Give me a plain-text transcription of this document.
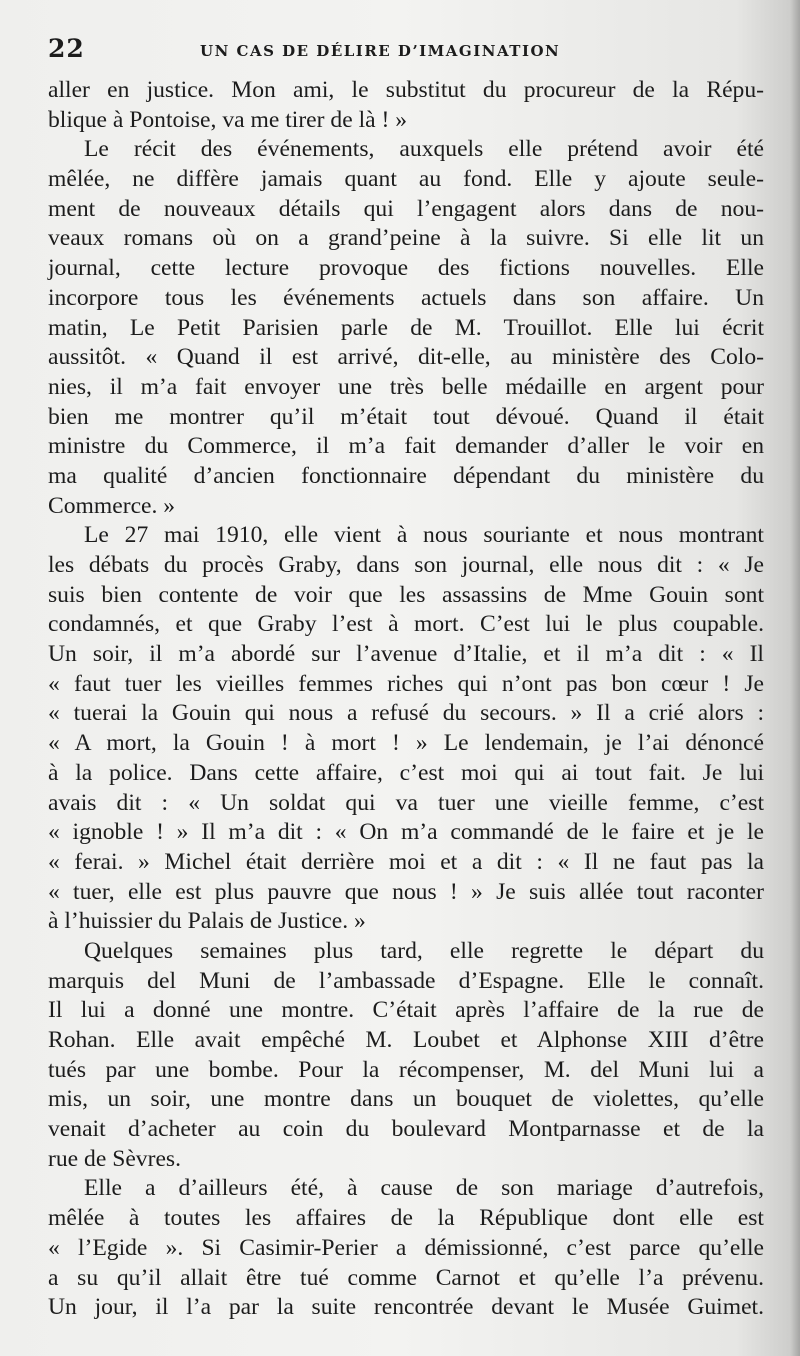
22	UN CAS DE DÉLIRE D’IMAGINATION
aller en justice. Mon ami, le substitut du procureur de la Répu-
blique à Pontoise, va me tirer de là ! »
Le récit des événements, auxquels elle prétend avoir été
mêlée, ne diffère jamais quant au fond. Elle y ajoute seule-
ment de nouveaux détails qui l’engagent alors dans de nou-
veaux romans où on a grand’peine à la suivre. Si elle lit un
journal, cette lecture provoque des fictions nouvelles. Elle
incorpore tous les événements actuels dans son affaire. Un
matin, Le Petit Parisien parle de M. Trouillot. Elle lui écrit
aussitôt. « Quand il est arrivé, dit-elle, au ministère des Colo-
nies, il m’a fait envoyer une très belle médaille en argent pour
bien me montrer qu’il m’était tout dévoué. Quand il était
ministre du Commerce, il m’a fait demander d’aller le voir en
ma qualité d’ancien fonctionnaire dépendant du ministère du
Commerce. »
Le 27 mai 1910, elle vient à nous souriante et nous montrant
les débats du procès Graby, dans son journal, elle nous dit : « Je
suis bien contente de voir que les assassins de Mme Gouin sont
condamnés, et que Graby l’est à mort. C’est lui le plus coupable.
Un soir, il m’a abordé sur l’avenue d’Italie, et il m’a dit : « Il
« faut tuer les vieilles femmes riches qui n’ont pas bon cœur ! Je
« tuerai la Gouin qui nous a refusé du secours. » Il a crié alors :
« A mort, la Gouin ! à mort ! » Le lendemain, je l’ai dénoncé
à la police. Dans cette affaire, c’est moi qui ai tout fait. Je lui
avais dit : « Un soldat qui va tuer une vieille femme, c’est
« ignoble ! » Il m’a dit : « On m’a commandé de le faire et je le
« ferai. » Michel était derrière moi et a dit : « Il ne faut pas la
« tuer, elle est plus pauvre que nous ! » Je suis allée tout raconter
à l’huissier du Palais de Justice. »
Quelques semaines plus tard, elle regrette le départ du
marquis del Muni de l’ambassade d’Espagne. Elle le connaît.
Il lui a donné une montre. C’était après l’affaire de la rue de
Rohan. Elle avait empêché M. Loubet et Alphonse XIII d’être
tués par une bombe. Pour la récompenser, M. del Muni lui a
mis, un soir, une montre dans un bouquet de violettes, qu’elle
venait d’acheter au coin du boulevard Montparnasse et de la
rue de Sèvres.
Elle a d’ailleurs été, à cause de son mariage d’autrefois,
mêlée à toutes les affaires de la République dont elle est
« l’Egide ». Si Casimir-Perier a démissionné, c’est parce qu’elle
a su qu’il allait être tué comme Carnot et qu’elle l’a prévenu.
Un jour, il l’a par la suite rencontrée devant le Musée Guimet.
